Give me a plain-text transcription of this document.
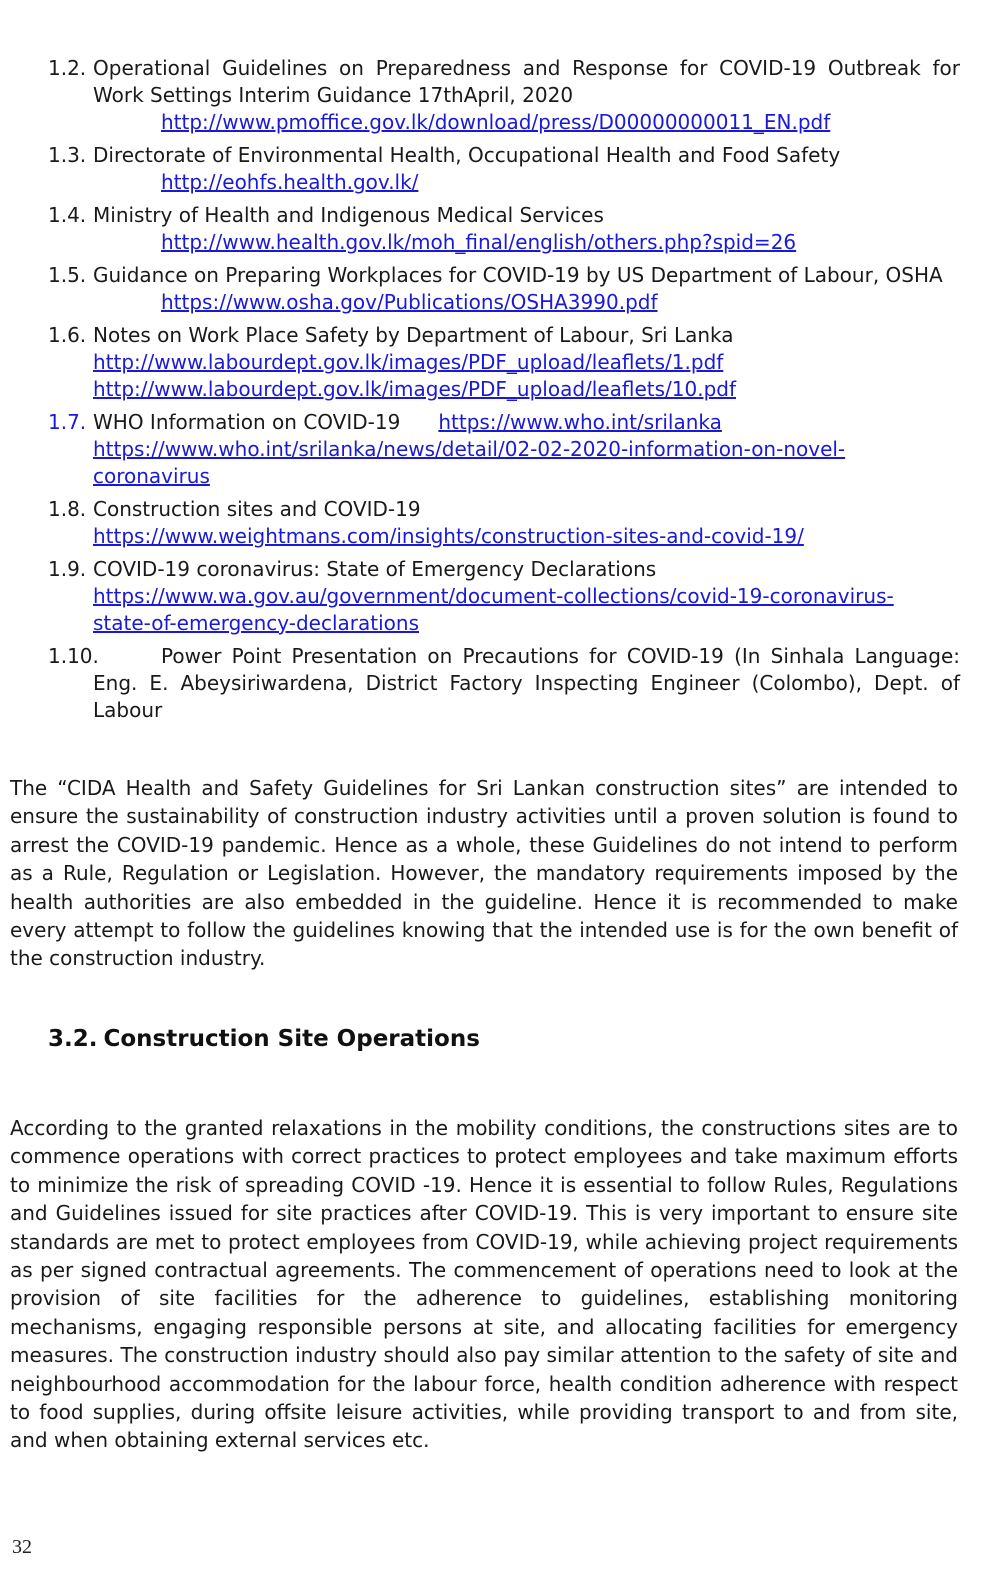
1.2. Operational Guidelines on Preparedness and Response for COVID-19 Outbreak for
Work Settings Interim Guidance 17thApril, 2020
http://www.pmoffice.gov.lk/download/press/D00000000011_EN.pdf
1.3. Directorate of Environmental Health, Occupational Health and Food Safety
http://eohfs.health.gov.lk/
1.4. Ministry of Health and Indigenous Medical Services
http://www.health.gov.lk/moh_final/english/others.php?spid=26
1.5. Guidance on Preparing Workplaces for COVID-19 by US Department of Labour, OSHA
https://www.osha.gov/Publications/OSHA3990.pdf
1.6. Notes on Work Place Safety by Department of Labour, Sri Lanka
http://www.labourdept.gov.lk/images/PDF_upload/leaflets/1.pdf
http://www.labourdept.gov.lk/images/PDF_upload/leaflets/10.pdf
1.7. WHO Information on COVID-19 https://www.who.int/srilanka
https://www.who.int/srilanka/news/detail/02-02-2020-information-on-novel-
coronavirus
1.8. Construction sites and COVID-19
https://www.weightmans.com/insights/construction-sites-and-covid-19/
1.9. COVID-19 coronavirus: State of Emergency Declarations
https://www.wa.gov.au/government/document-collections/covid-19-coronavirus-
state-of-emergency-declarations
1.10.	Power Point Presentation on Precautions for COVID-19 (In Sinhala Language:
Eng. E. Abeysiriwardena, District Factory Inspecting Engineer (Colombo), Dept. of Labour

The “CIDA Health and Safety Guidelines for Sri Lankan construction sites” are intended to ensure the sustainability of construction industry activities until a proven solution is found to arrest the COVID-19 pandemic. Hence as a whole, these Guidelines do not intend to perform as a Rule, Regulation or Legislation. However, the mandatory requirements imposed by the health authorities are also embedded in the guideline. Hence it is recommended to make every attempt to follow the guidelines knowing that the intended use is for the own benefit of the construction industry.

3.2. Construction Site Operations

According to the granted relaxations in the mobility conditions, the constructions sites are to commence operations with correct practices to protect employees and take maximum efforts to minimize the risk of spreading COVID -19. Hence it is essential to follow Rules, Regulations and Guidelines issued for site practices after COVID-19. This is very important to ensure site standards are met to protect employees from COVID-19, while achieving project requirements as per signed contractual agreements. The commencement of operations need to look at the provision of site facilities for the adherence to guidelines, establishing monitoring mechanisms, engaging responsible persons at site, and allocating facilities for emergency measures. The construction industry should also pay similar attention to the safety of site and neighbourhood accommodation for the labour force, health condition adherence with respect to food supplies, during offsite leisure activities, while providing transport to and from site, and when obtaining external services etc.

32
